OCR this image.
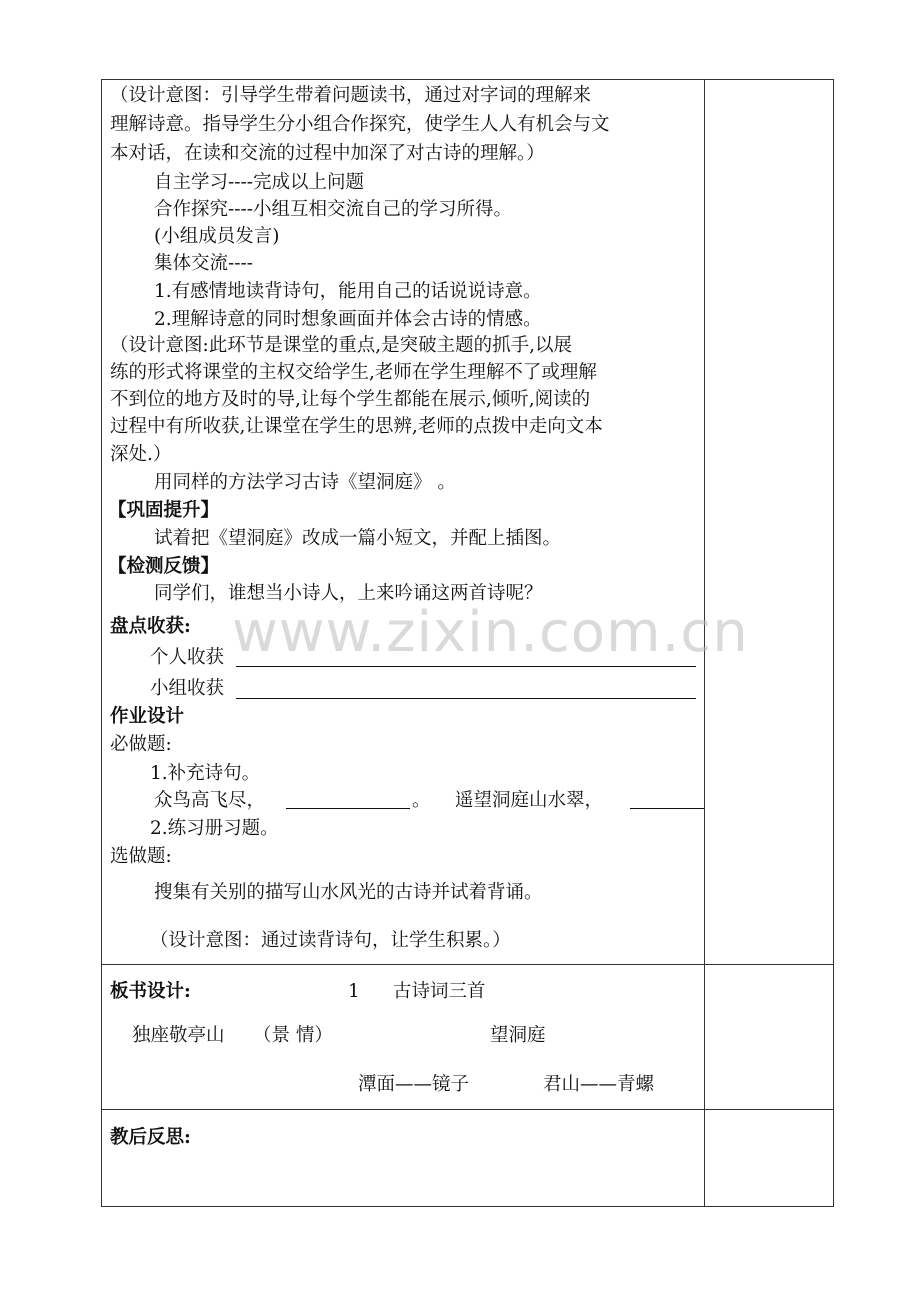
（设计意图：引导学生带着问题读书，通过对字词的理解来
理解诗意。指导学生分小组合作探究，使学生人人有机会与文
本对话，在读和交流的过程中加深了对古诗的理解。）
自主学习----完成以上问题
合作探究----小组互相交流自己的学习所得。
(小组成员发言)
集体交流----
1.有感情地读背诗句，能用自己的话说说诗意。
2.理解诗意的同时想象画面并体会古诗的情感。
（设计意图:此环节是课堂的重点,是突破主题的抓手,以展
练的形式将课堂的主权交给学生,老师在学生理解不了或理解
不到位的地方及时的导,让每个学生都能在展示,倾听,阅读的
过程中有所收获,让课堂在学生的思辨,老师的点拨中走向文本
深处.）
用同样的方法学习古诗《望洞庭》 。
【巩固提升】
试着把《望洞庭》改成一篇小短文，并配上插图。
【检测反馈】
同学们，谁想当小诗人，上来吟诵这两首诗呢？
盘点收获: www.zixin.com.cn
个人收获
小组收获
作业设计
必做题:
1.补充诗句。
众鸟高飞尽，	。 遥望洞庭山水翠，
2.练习册习题。
选做题:
搜集有关别的描写山水风光的古诗并试着背诵。
（设计意图：通过读背诗句，让学生积累。）
板书设计:	1 古诗词三首
独座敬亭山 （景 情）	望洞庭
潭面——镜子	君山——青螺
教后反思:
